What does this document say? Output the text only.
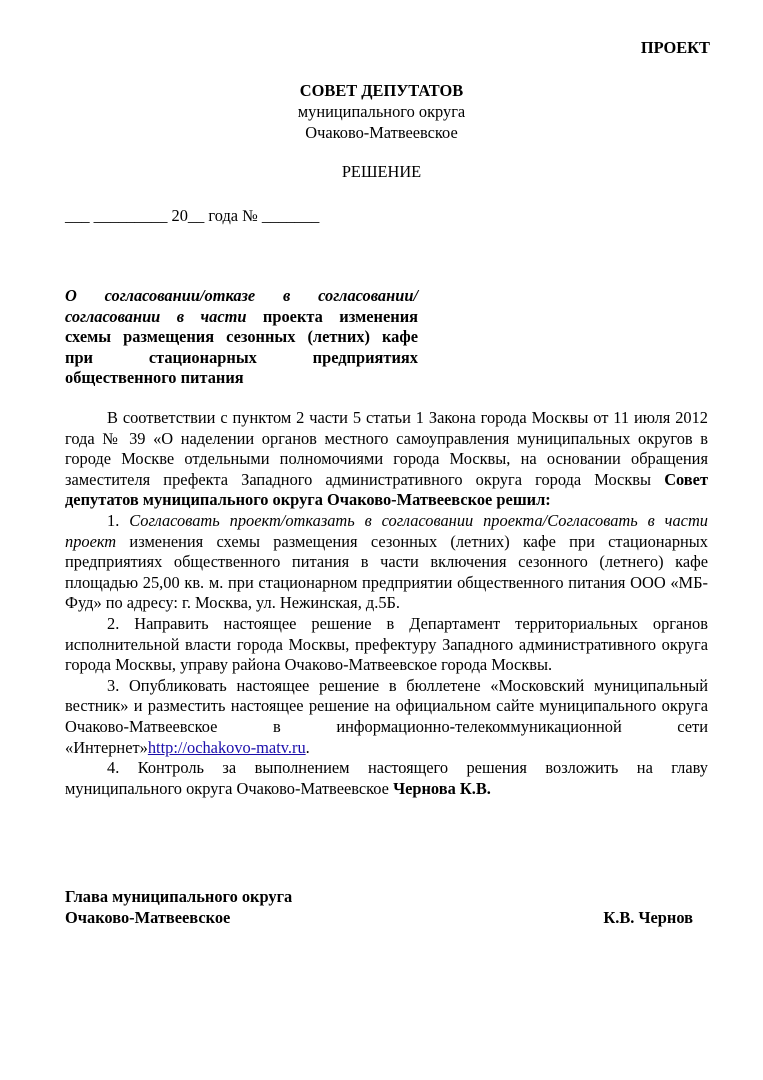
ПРОЕКТ
СОВЕТ ДЕПУТАТОВ
муниципального округа
Очаково-Матвеевское
РЕШЕНИЕ
___ _________ 20__ года № _______
О согласовании/отказе в согласовании/согласовании в части проекта изменения схемы размещения сезонных (летних) кафе при стационарных предприятиях общественного питания

В соответствии с пунктом 2 части 5 статьи 1 Закона города Москвы от 11 июля 2012 года № 39 «О наделении органов местного самоуправления муниципальных округов в городе Москве отдельными полномочиями города Москвы, на основании обращения заместителя префекта Западного административного округа города Москвы Совет депутатов муниципального округа Очаково-Матвеевское решил:

1. Согласовать проект/отказать в согласовании проекта/Согласовать в части проект изменения схемы размещения сезонных (летних) кафе при стационарных предприятиях общественного питания в части включения сезонного (летнего) кафе площадью 25,00 кв. м. при стационарном предприятии общественного питания ООО «МБ-Фуд» по адресу: г. Москва, ул. Нежинская, д.5Б.

2. Направить настоящее решение в Департамент территориальных органов исполнительной власти города Москвы, префектуру Западного административного округа города Москвы, управу района Очаково-Матвеевское города Москвы.

3. Опубликовать настоящее решение в бюллетене «Московский муниципальный вестник» и разместить настоящее решение на официальном сайте муниципального округа Очаково-Матвеевское в информационно-телекоммуникационной сети «Интернет»http://ochakovo-matv.ru.

4. Контроль за выполнением настоящего решения возложить на главу муниципального округа Очаково-Матвеевское Чернова К.В.

Глава муниципального округа
Очаково-Матвеевское	К.В. Чернов
